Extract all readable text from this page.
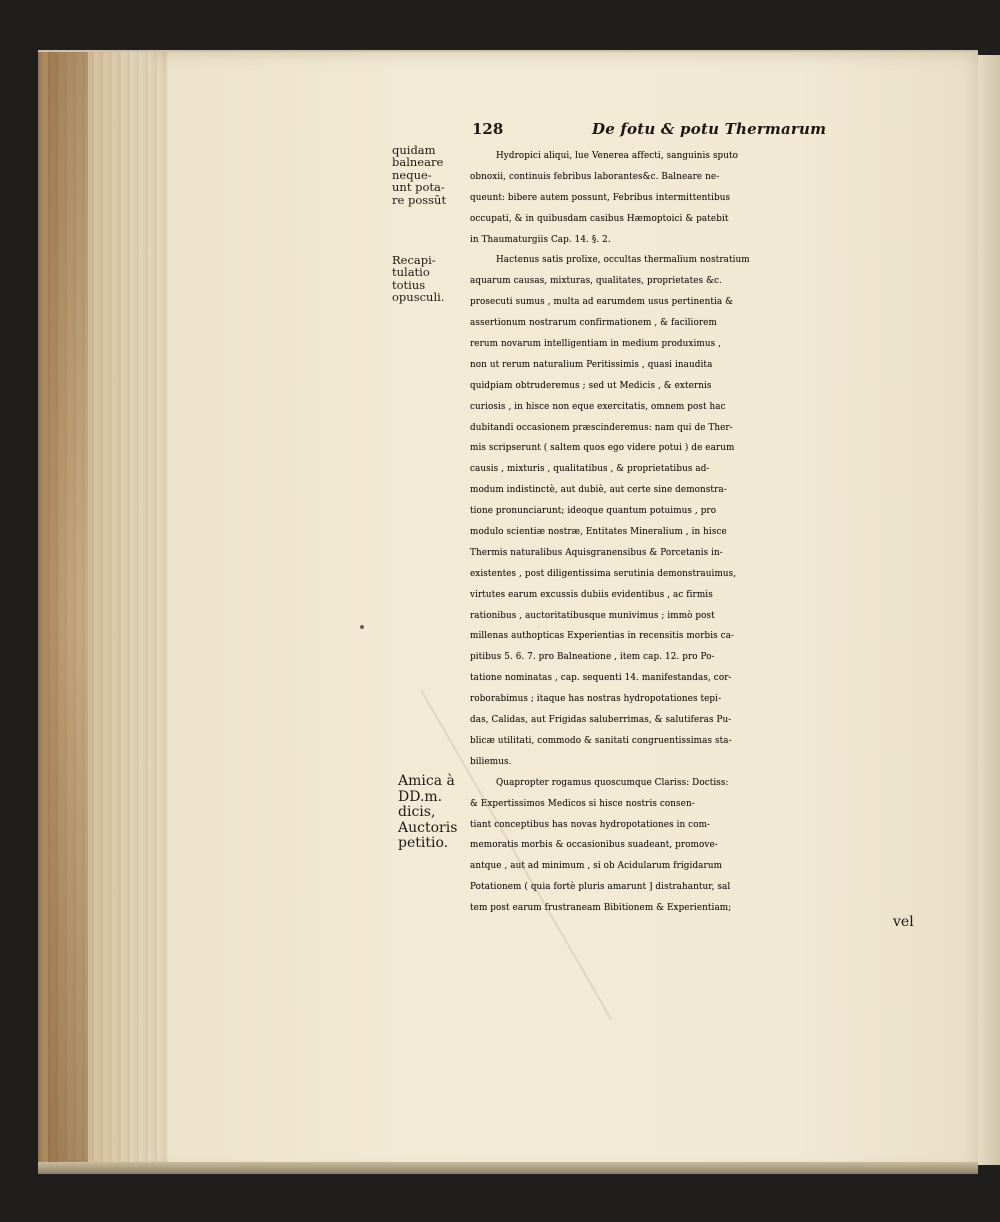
128	De fotu & potu Thermarum
quidam
balneare
neque-
unt pota-
re possũt
Recapi-
tulatio
totius
opusculi.
Amica à
DD.m.
dicis,
Auctoris
petitio.
Hydropici aliqui, lue Venerea affecti, sanguinis sputo
obnoxii, continuis febribus laborantes&c. Balneare ne-
queunt: bibere autem possunt, Febribus intermittentibus
occupati, & in quibusdam casibus Hæmoptoici & patebit
in Thaumaturgiis Cap. 14. §. 2.
Hactenus satis prolixe, occultas thermalium nostratium
aquarum causas, mixturas, qualitates, proprietates &c.
prosecuti sumus , multa ad earumdem usus pertinentia &
assertionum nostrarum confirmationem , & faciliorem
rerum novarum intelligentiam in medium produximus ,
non ut rerum naturalium Peritissimis , quasi inaudita
quidpiam obtruderemus ; sed ut Medicis , & externis
curiosis , in hisce non eque exercitatis, omnem post hac
dubitandi occasionem præscinderemus: nam qui de Ther-
mis scripserunt ( saltem quos ego videre potui ) de earum
causis , mixturis , qualitatibus , & proprietatibus ad-
modum indistinctè, aut dubiè, aut certe sine demonstra-
tione pronunciarunt; ideoque quantum potuimus , pro
modulo scientiæ nostræ, Entitates Mineralium , in hisce
Thermis naturalibus Aquisgranensibus & Porcetanis in-
existentes , post diligentissima serutinia demonstrauimus,
virtutes earum excussis dubiis evidentibus , ac firmis
rationibus , auctoritatibusque munivimus ; immò post
millenas authopticas Experientias in recensitis morbis ca-
pitibus 5. 6. 7. pro Balneatione , item cap. 12. pro Po-
tatione nominatas , cap. sequenti 14. manifestandas, cor-
roborabimus ; itaque has nostras hydropotationes tepi-
das, Calidas, aut Frigidas saluberrimas, & salutiferas Pu-
blicæ utilitati, commodo & sanitati congruentissimas sta-
biliemus.
Quapropter rogamus quoscumque Clariss: Doctiss:
& Expertissimos Medicos si hisce nostris consen-
tiant conceptibus has novas hydropotationes in com-
memoratis morbis & occasionibus suadeant, promove-
antque , aut ad minimum , si ob Acidularum frigidarum
Potationem ( quia fortè pluris amarunt ] distrahantur, sal
tem post earum frustraneam Bibitionem & Experientiam;
vel
